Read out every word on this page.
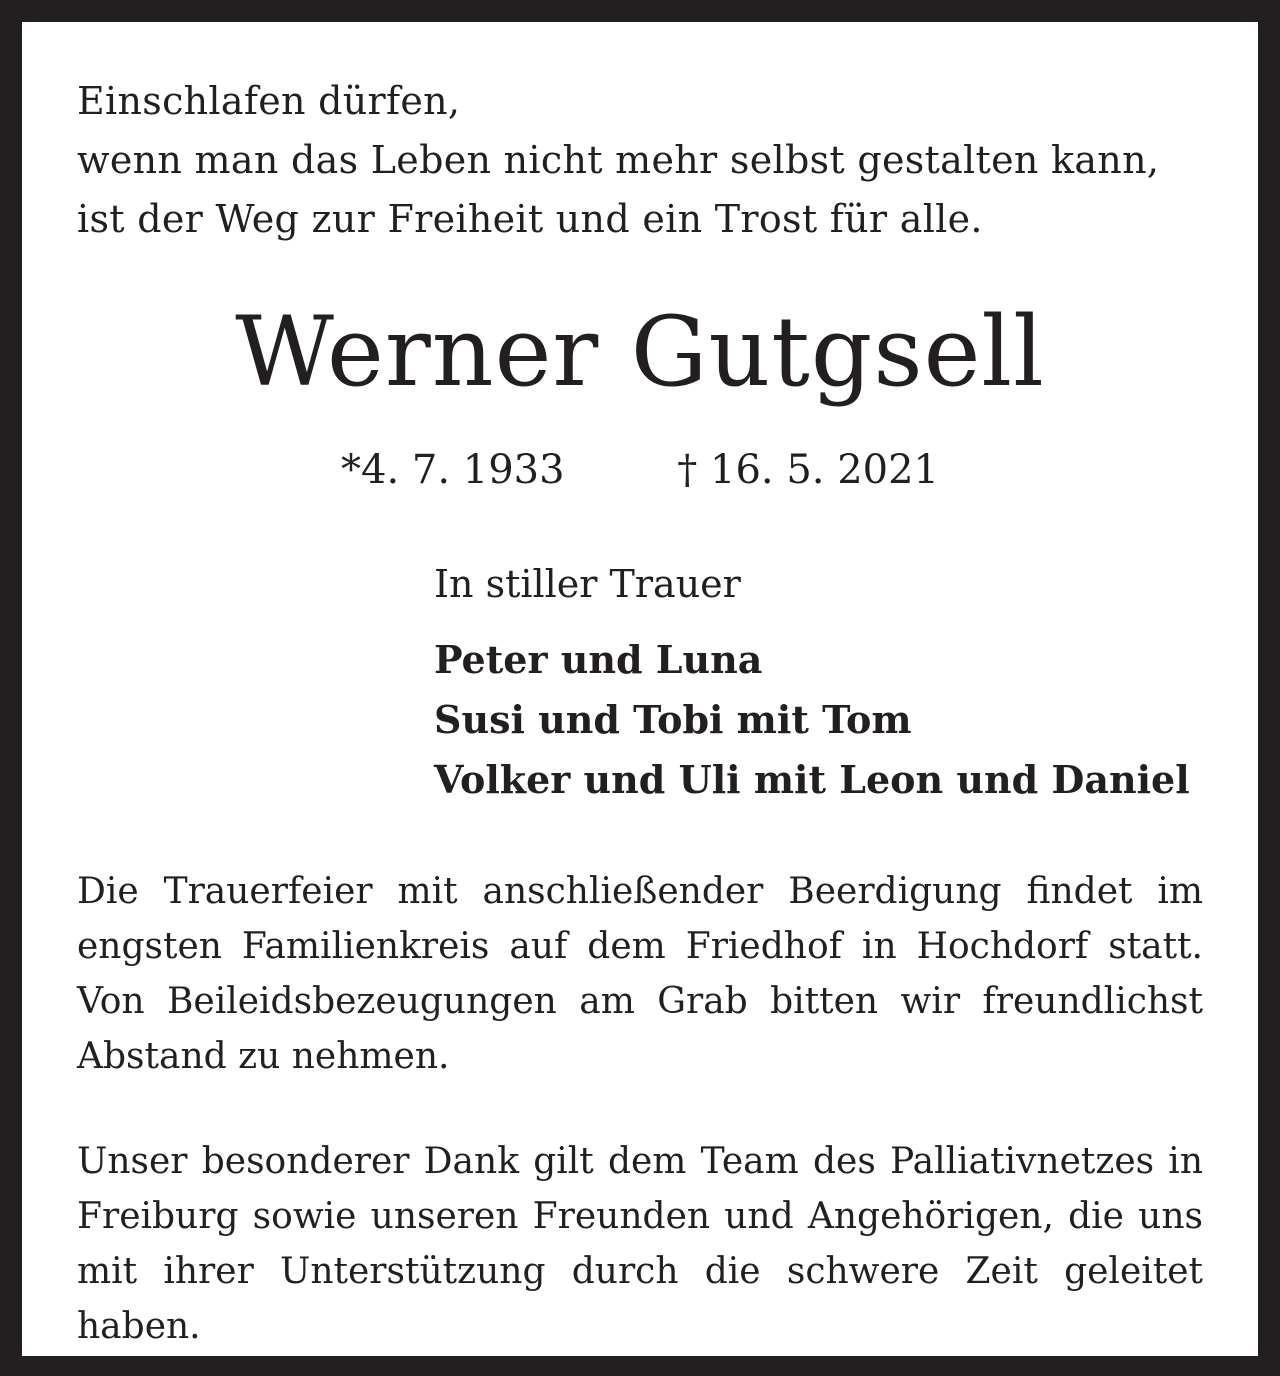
Einschlafen dürfen,
wenn man das Leben nicht mehr selbst gestalten kann,
ist der Weg zur Freiheit und ein Trost für alle.
Werner Gutgsell
*4. 7. 1933	† 16. 5. 2021
In stiller Trauer
Peter und Luna
Susi und Tobi mit Tom
Volker und Uli mit Leon und Daniel
Die Trauerfeier mit anschließender Beerdigung findet im engsten Familienkreis auf dem Friedhof in Hochdorf statt. Von Beileidsbezeugungen am Grab bitten wir freundlichst Abstand zu nehmen.
Unser besonderer Dank gilt dem Team des Palliativnetzes in Freiburg sowie unseren Freunden und Angehörigen, die uns mit ihrer Unterstützung durch die schwere Zeit geleitet haben.
